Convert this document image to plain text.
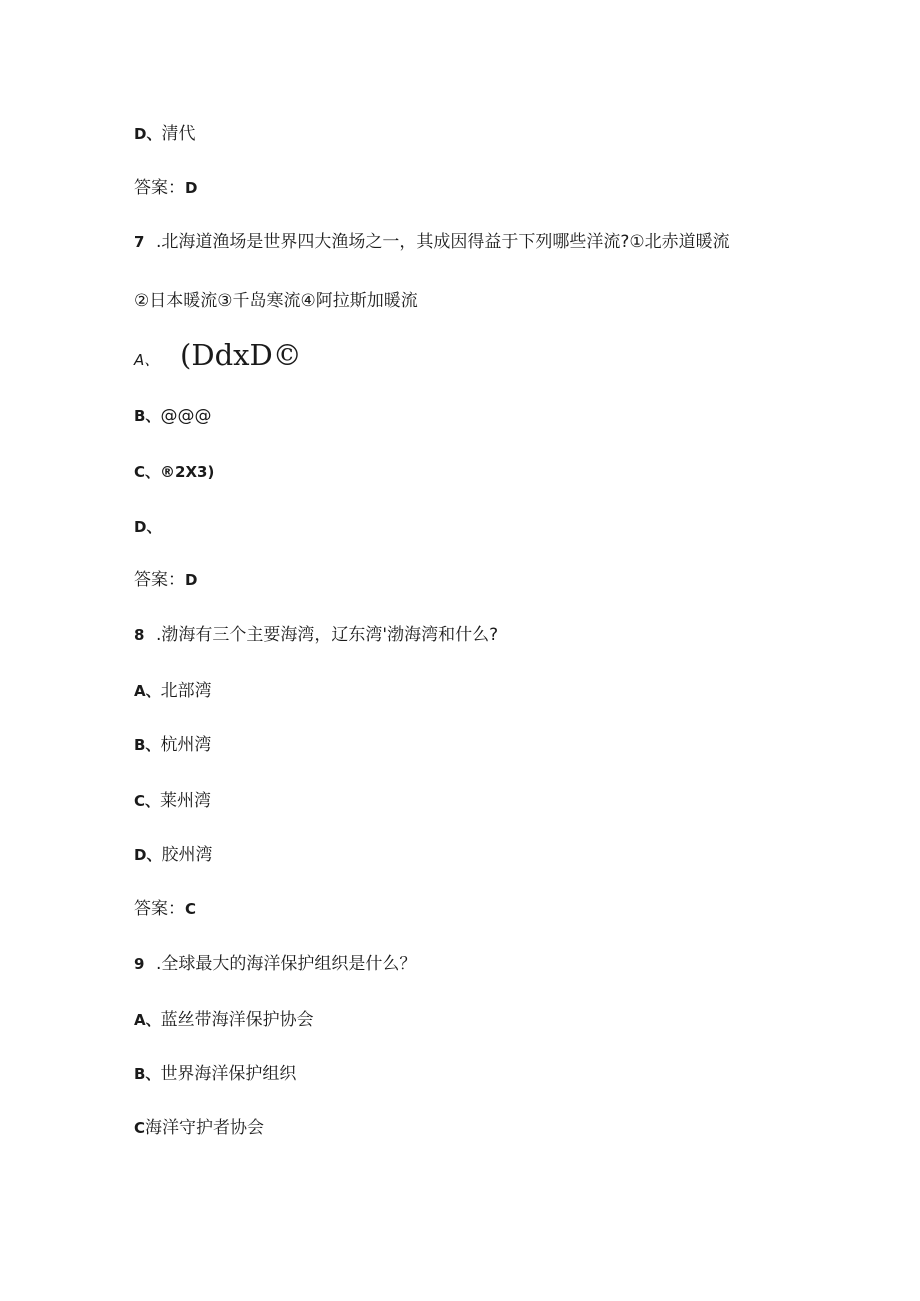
D、清代
答案：D
7 .北海道渔场是世界四大渔场之一，其成因得益于下列哪些洋流?①北赤道暖流
②日本暖流③千岛寒流④阿拉斯加暖流
A、 (DdxD©
B、@@@
C、®2X3)
D、
答案：D
8 .渤海有三个主要海湾，辽东湾'渤海湾和什么?
A、北部湾
B、杭州湾
C、莱州湾
D、胶州湾
答案：C
9 .全球最大的海洋保护组织是什么？
A、蓝丝带海洋保护协会
B、世界海洋保护组织
C海洋守护者协会
